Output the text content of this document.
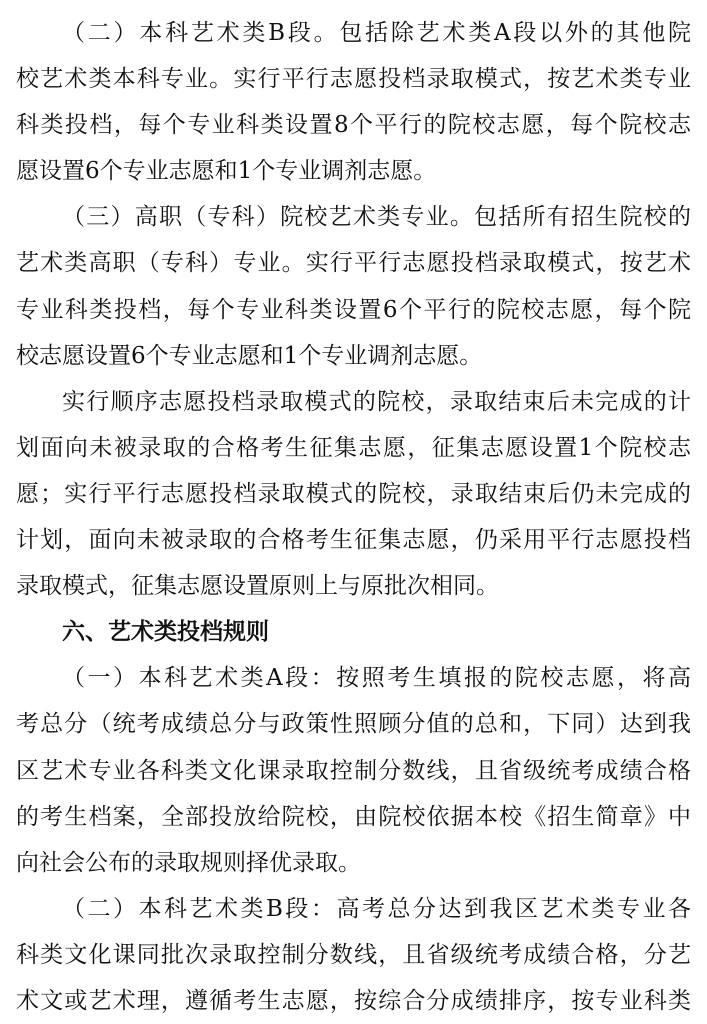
（二）本科艺术类B段。包括除艺术类A段以外的其他院
校艺术类本科专业。实行平行志愿投档录取模式，按艺术类专业
科类投档，每个专业科类设置8个平行的院校志愿，每个院校志
愿设置6个专业志愿和1个专业调剂志愿。
（三）高职（专科）院校艺术类专业。包括所有招生院校的
艺术类高职（专科）专业。实行平行志愿投档录取模式，按艺术
专业科类投档，每个专业科类设置6个平行的院校志愿，每个院
校志愿设置6个专业志愿和1个专业调剂志愿。
实行顺序志愿投档录取模式的院校，录取结束后未完成的计
划面向未被录取的合格考生征集志愿，征集志愿设置1个院校志
愿；实行平行志愿投档录取模式的院校，录取结束后仍未完成的
计划，面向未被录取的合格考生征集志愿，仍采用平行志愿投档
录取模式，征集志愿设置原则上与原批次相同。
六、艺术类投档规则
（一）本科艺术类A段：按照考生填报的院校志愿，将高
考总分（统考成绩总分与政策性照顾分值的总和，下同）达到我
区艺术专业各科类文化课录取控制分数线，且省级统考成绩合格
的考生档案，全部投放给院校，由院校依据本校《招生简章》中
向社会公布的录取规则择优录取。
（二）本科艺术类B段：高考总分达到我区艺术类专业各
科类文化课同批次录取控制分数线，且省级统考成绩合格，分艺
术文或艺术理，遵循考生志愿，按综合分成绩排序，按专业科类
